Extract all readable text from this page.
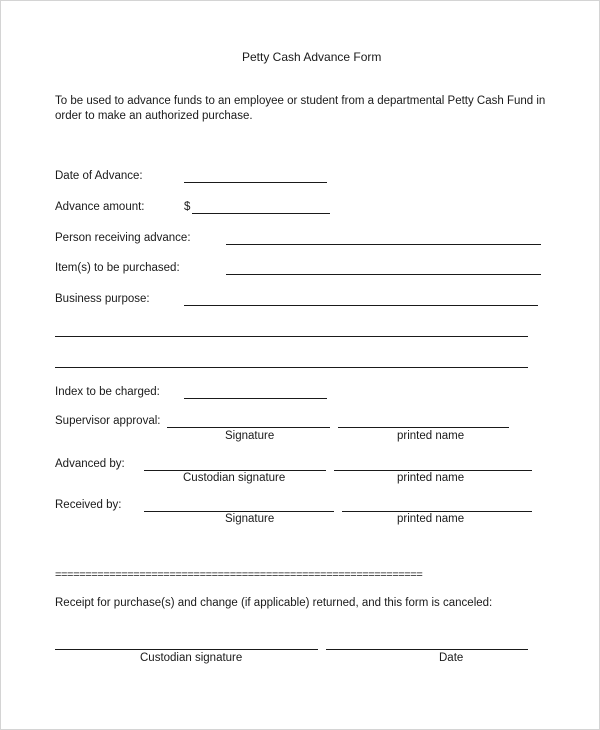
Petty Cash Advance Form
To be used to advance funds to an employee or student from a departmental Petty Cash Fund in order to make an authorized purchase.
Date of Advance:
Advance amount:	$
Person receiving advance:
Item(s) to be purchased:
Business purpose:
Index to be charged:
Supervisor approval:
Signature	printed name
Advanced by:
Custodian signature	printed name
Received by:
Signature	printed name
=============================================================
Receipt for purchase(s) and change (if applicable) returned, and this form is canceled:
Custodian signature	Date
